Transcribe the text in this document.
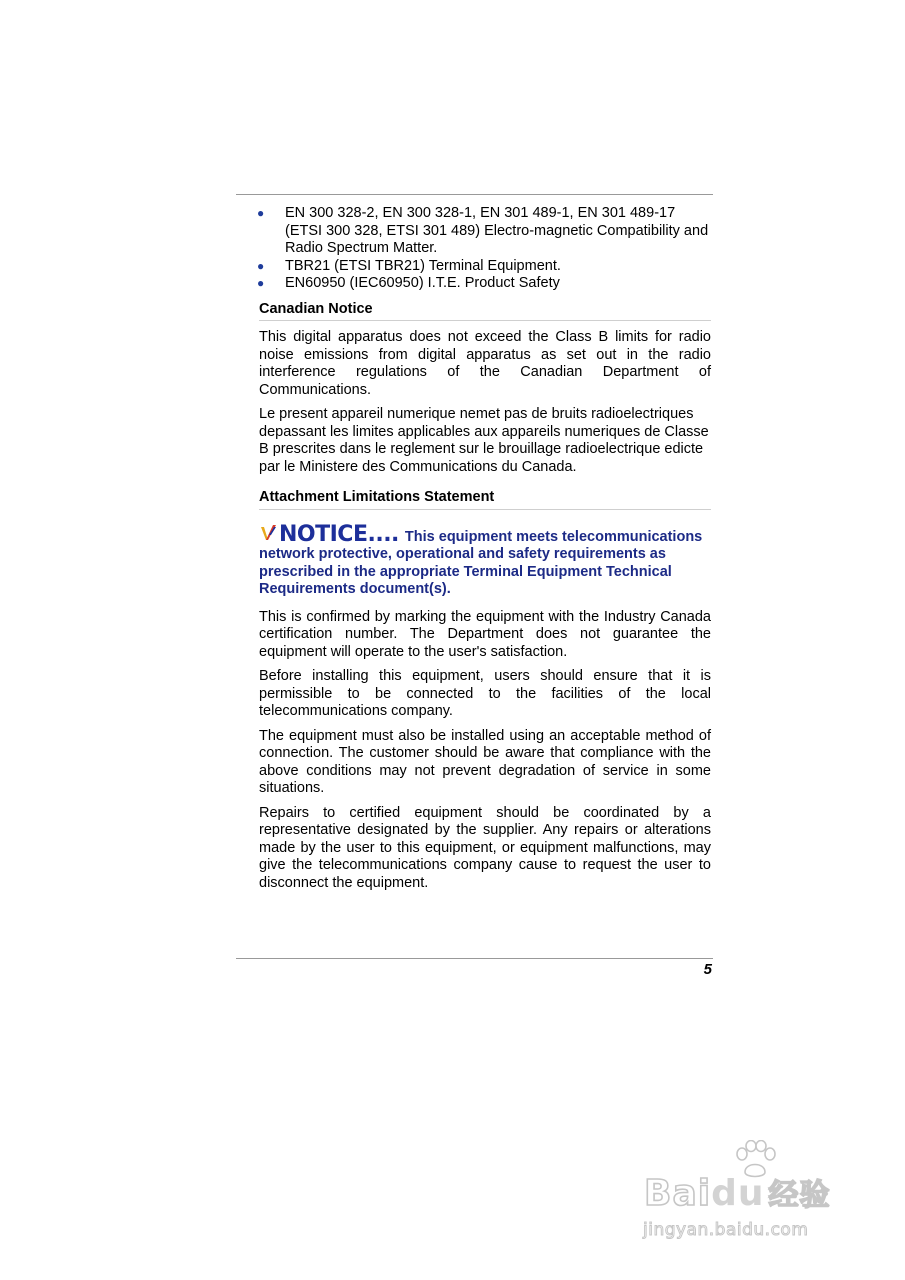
● EN 300 328-2, EN 300 328-1, EN 301 489-1, EN 301 489-17 (ETSI 300 328, ETSI 301 489) Electro-magnetic Compatibility and Radio Spectrum Matter.
● TBR21 (ETSI TBR21) Terminal Equipment.
● EN60950 (IEC60950) I.T.E. Product Safety
Canadian Notice

This digital apparatus does not exceed the Class B limits for radio noise emissions from digital apparatus as set out in the radio interference regulations of the Canadian Department of Communications.

Le present appareil numerique nemet pas de bruits radioelectriques depassant les limites applicables aux appareils numeriques de Classe B prescrites dans le reglement sur le brouillage radioelectrique edicte par le Ministere des Communications du Canada.

Attachment Limitations Statement
NOTICE.... This equipment meets telecommunications network protective, operational and safety requirements as prescribed in the appropriate Terminal Equipment Technical Requirements document(s).

This is confirmed by marking the equipment with the Industry Canada certification number. The Department does not guarantee the equipment will operate to the user's satisfaction.

Before installing this equipment, users should ensure that it is permissible to be connected to the facilities of the local telecommunications company.

The equipment must also be installed using an acceptable method of connection. The customer should be aware that compliance with the above conditions may not prevent degradation of service in some situations.

Repairs to certified equipment should be coordinated by a representative designated by the supplier. Any repairs or alterations made by the user to this equipment, or equipment malfunctions, may give the telecommunications company cause to request the user to disconnect the equipment.

5
Baidu 经验
jingyan.baidu.com
